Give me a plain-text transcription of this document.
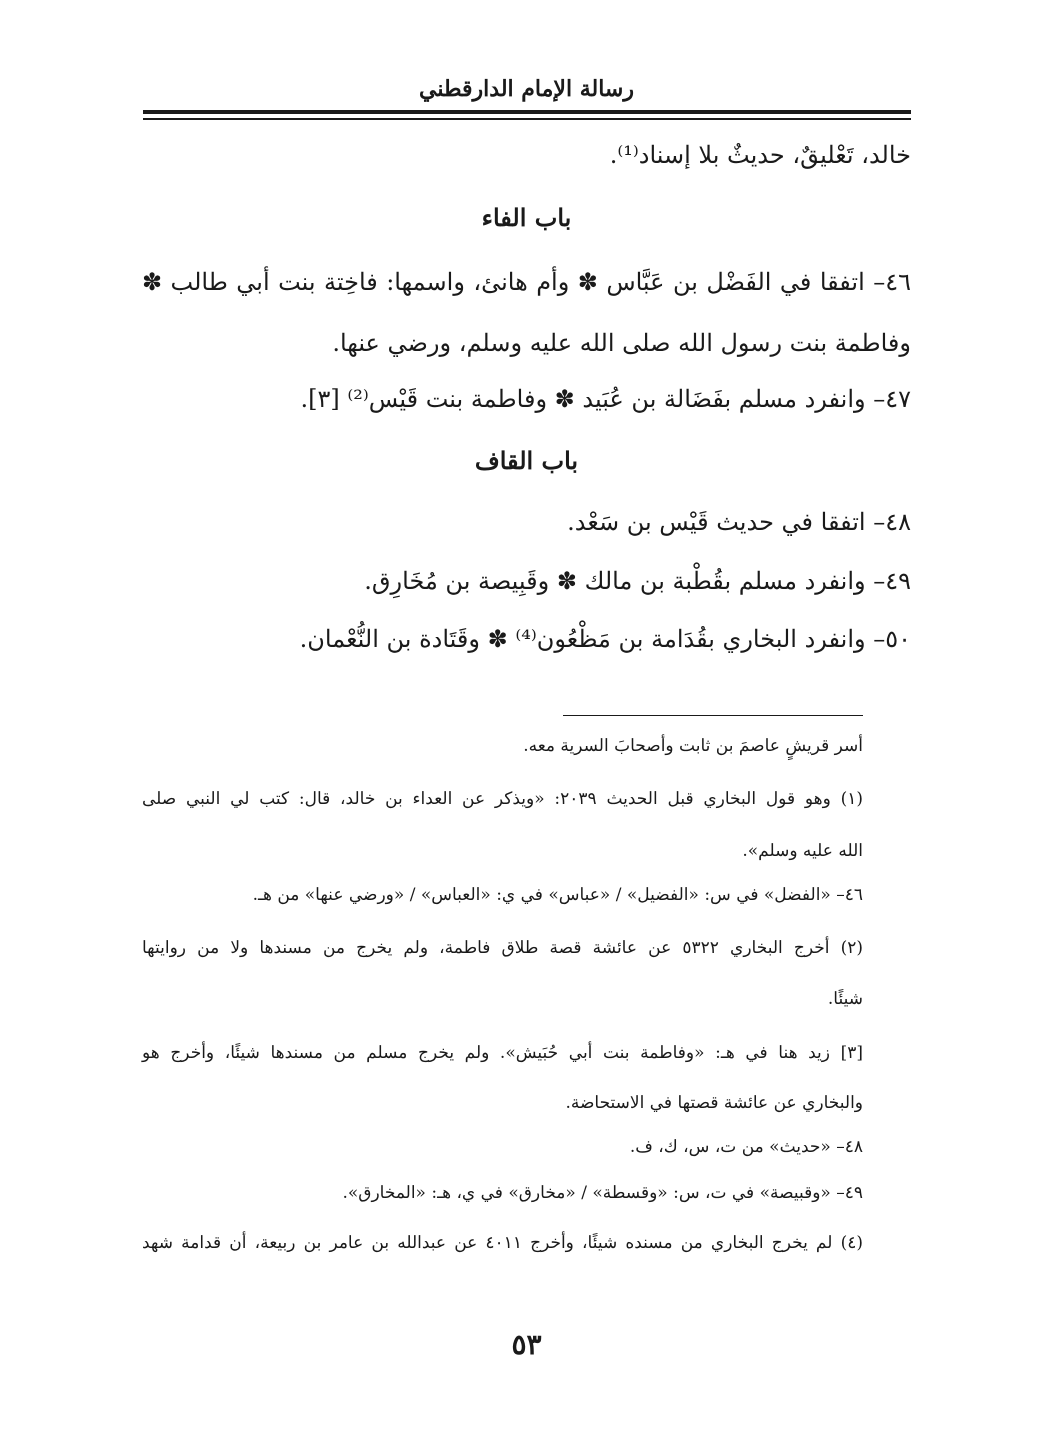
رسالة الإمام الدارقطني
خالد، تَعْليقٌ، حديثٌ بلا إسناد⁽¹⁾.
باب الفاء
٤٦– اتفقا في الفَضْل بن عَبَّاس ✽ وأم هانئ، واسمها: فاخِتة بنت أبي طالب ✽
وفاطمة بنت رسول الله صلى الله عليه وسلم، ورضي عنها.
٤٧– وانفرد مسلم بفَضَالة بن عُبَيد ✽ وفاطمة بنت قَيْس⁽²⁾ [٣].
باب القاف
٤٨– اتفقا في حديث قَيْس بن سَعْد.
٤٩– وانفرد مسلم بقُطْبة بن مالك ✽ وقَبِيصة بن مُخَارِق.
٥٠– وانفرد البخاري بقُدَامة بن مَظْعُون⁽⁴⁾ ✽ وقَتَادة بن النُّعْمان.
أسر قريشٍ عاصمَ بن ثابت وأصحابَ السرية معه.
(١) وهو قول البخاري قبل الحديث ٢٠٣٩: «ويذكر عن العداء بن خالد، قال: كتب لي النبي صلى
الله عليه وسلم».
٤٦– «الفضل» في س: «الفضيل» / «عباس» في ي: «العباس» / «ورضي عنها» من هـ.
(٢) أخرج البخاري ٥٣٢٢ عن عائشة قصة طلاق فاطمة، ولم يخرج من مسندها ولا من روايتها
شيئًا.
[٣] زيد هنا في هـ: «وفاطمة بنت أبي حُبَيش». ولم يخرج مسلم من مسندها شيئًا، وأخرج هو
والبخاري عن عائشة قصتها في الاستحاضة.
٤٨– «حديث» من ت، س، ك، ف.
٤٩– «وقبيصة» في ت، س: «وقسطة» / «مخارق» في ي، هـ: «المخارق».
(٤) لم يخرج البخاري من مسنده شيئًا، وأخرج ٤٠١١ عن عبدالله بن عامر بن ربيعة، أن قدامة شهد
٥٣
